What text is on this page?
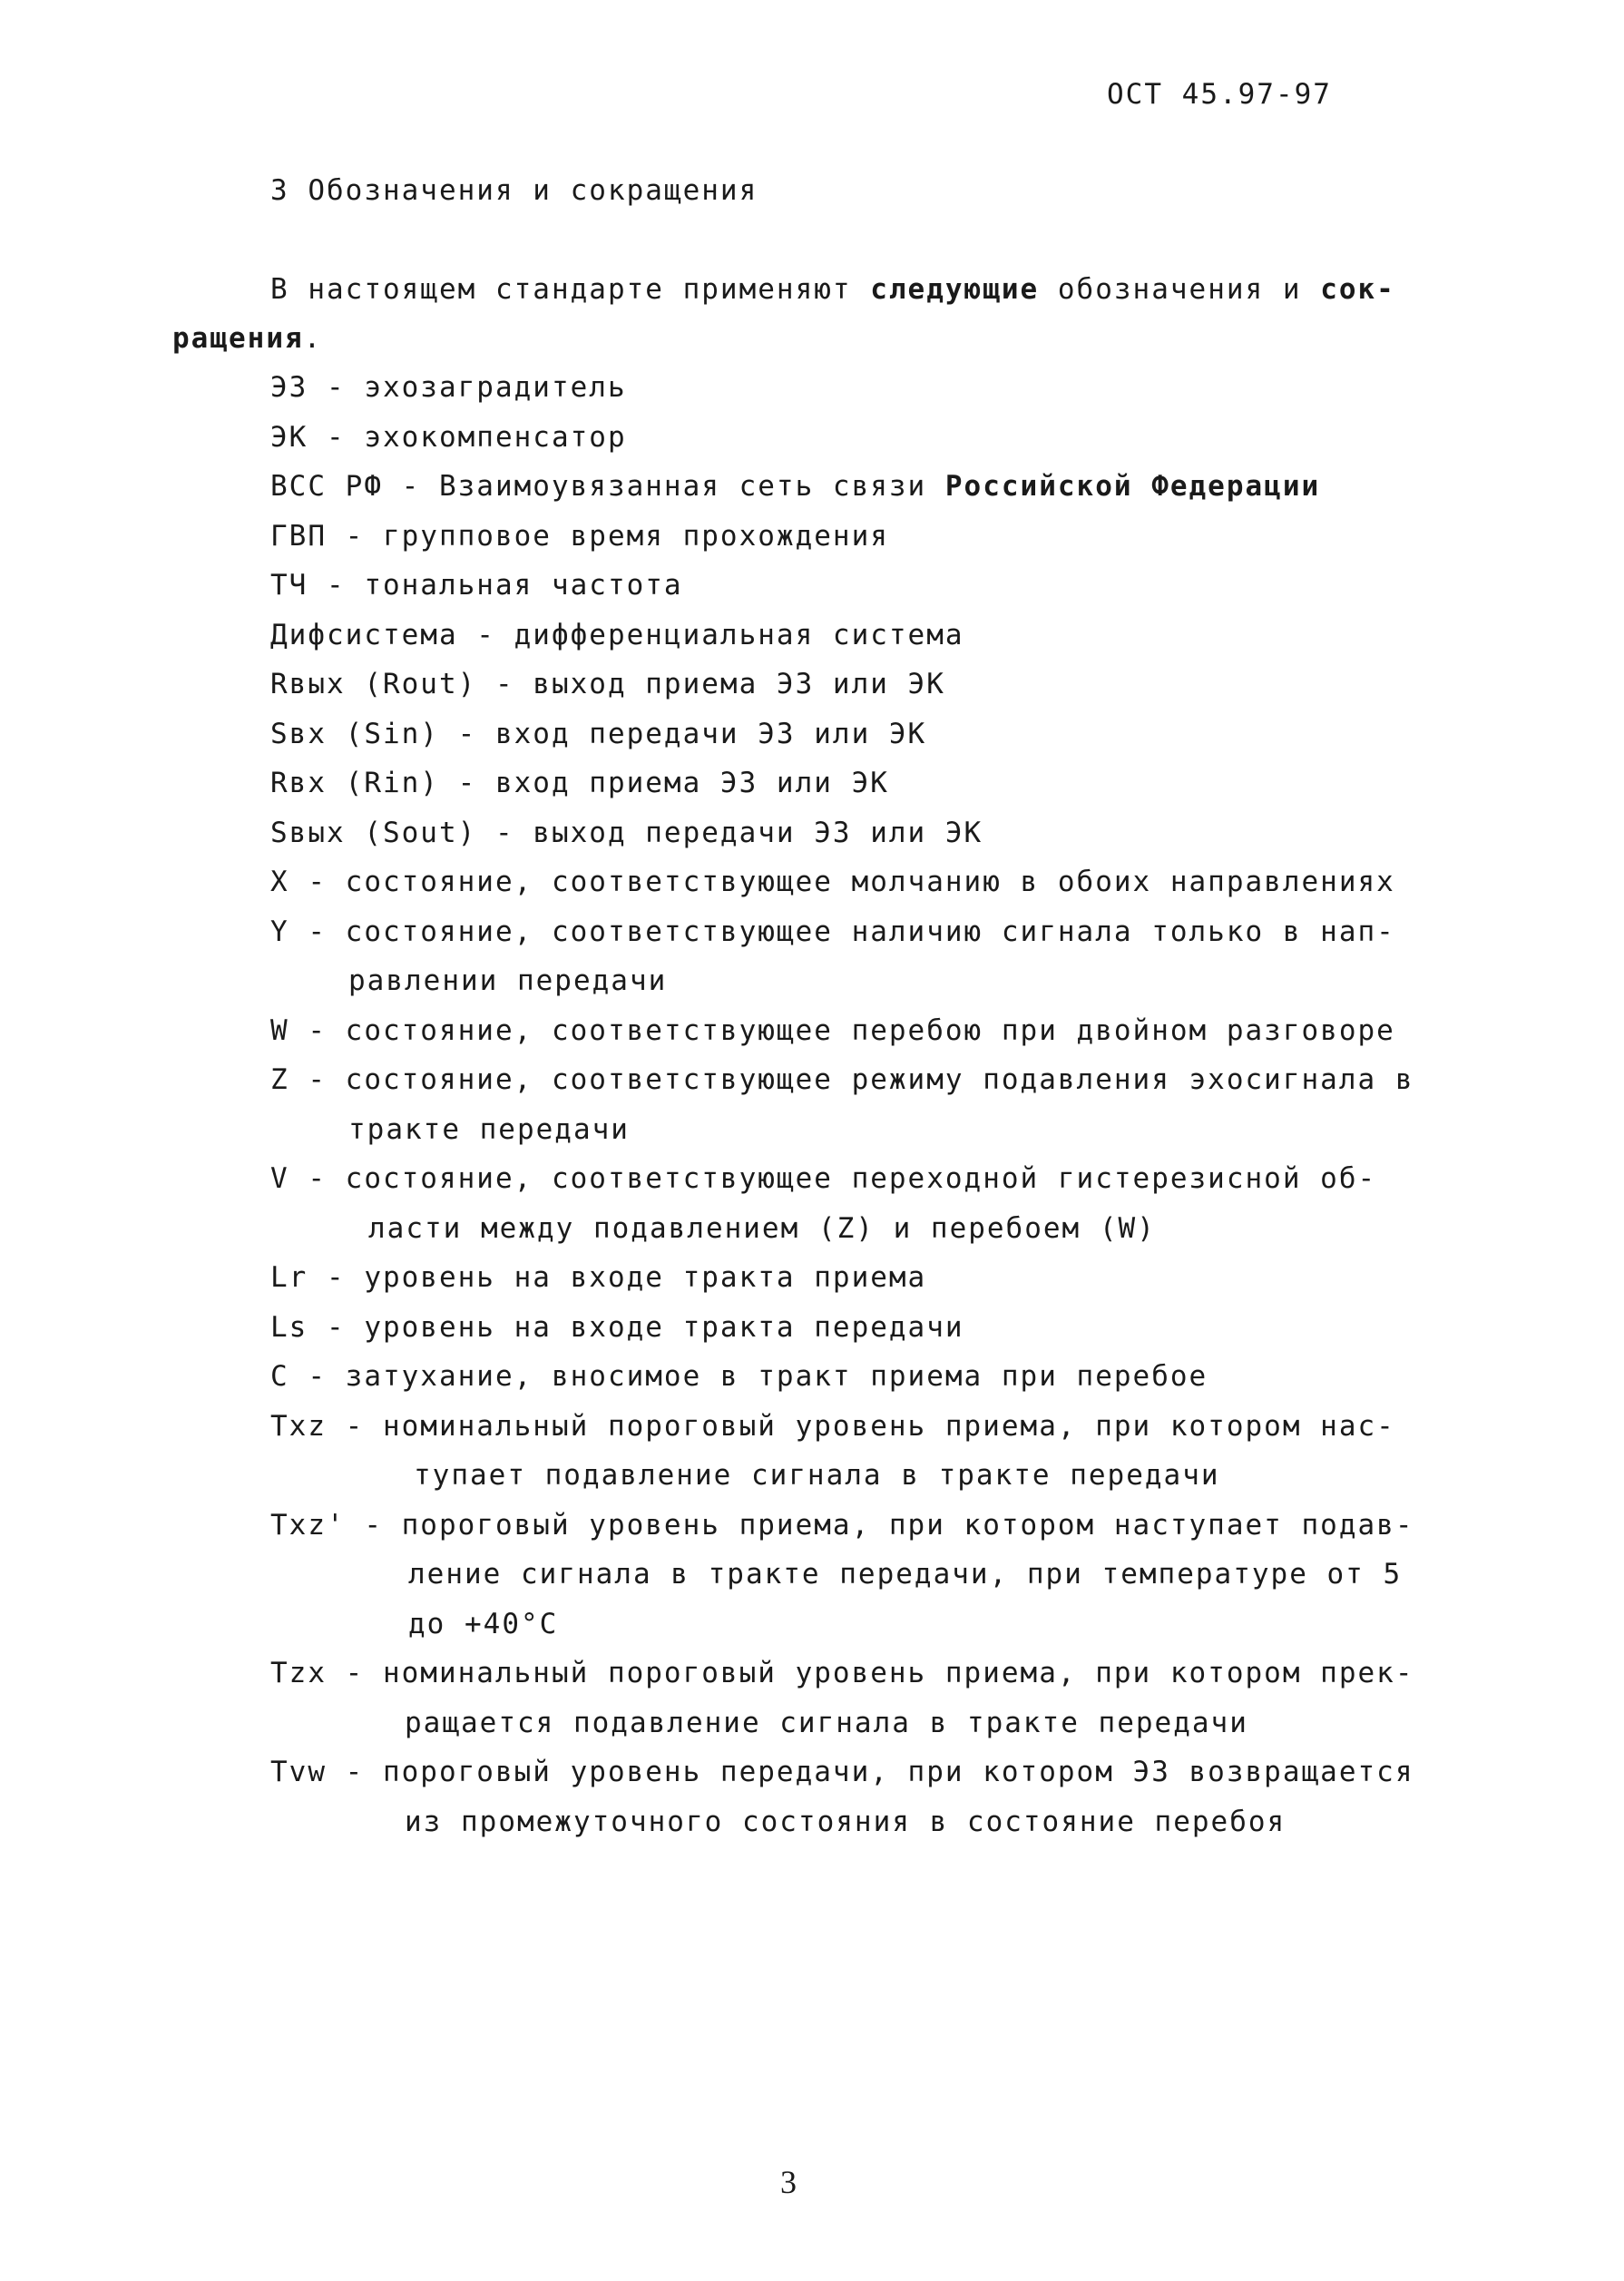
ОСТ 45.97-97
3 Обозначения и сокращения
В настоящем стандарте применяют следующие обозначения и сок-
ращения.
ЭЗ - эхозаградитель
ЭК - эхокомпенсатор
ВСС РФ - Взаимоувязанная сеть связи Российской Федерации
ГВП - групповое время прохождения
ТЧ - тональная частота
Дифсистема - дифференциальная система
Rвых (Rout) - выход приема ЭЗ или ЭК
Sвх (Sin) - вход передачи ЭЗ или ЭК
Rвх (Rin) - вход приема ЭЗ или ЭК
Sвых (Sout) - выход передачи ЭЗ или ЭК
X - состояние, соответствующее молчанию в обоих направлениях
Y - состояние, соответствующее наличию сигнала только в нап-
равлении передачи
W - состояние, соответствующее перебою при двойном разговоре
Z - состояние, соответствующее режиму подавления эхосигнала в
тракте передачи
V - состояние, соответствующее переходной гистерезисной об-
ласти между подавлением (Z) и перебоем (W)
Lr - уровень на входе тракта приема
Ls - уровень на входе тракта передачи
C - затухание, вносимое в тракт приема при перебое
Txz - номинальный пороговый уровень приема, при котором нас-
тупает подавление сигнала в тракте передачи
Txz' - пороговый уровень приема, при котором наступает подав-
ление сигнала в тракте передачи, при температуре от 5
до +40°C
Tzx - номинальный пороговый уровень приема, при котором прек-
ращается подавление сигнала в тракте передачи
Tvw - пороговый уровень передачи, при котором ЭЗ возвращается
из промежуточного состояния в состояние перебоя
3
